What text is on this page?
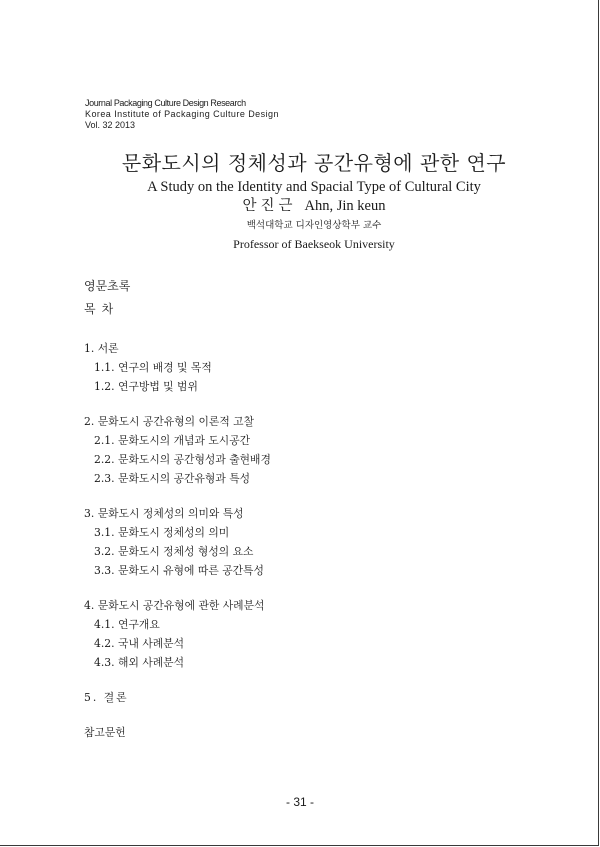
Journal Packaging Culture Design Research
Korea Institute of Packaging Culture Design
Vol. 32 2013
문화도시의 정체성과 공간유형에 관한 연구
A Study on the Identity and Spacial Type of Cultural City
안진근 Ahn, Jin keun
백석대학교 디자인영상학부 교수
Professor of Baekseok University
영문초록
목차
1. 서론
1.1. 연구의 배경 및 목적
1.2. 연구방법 및 범위
2. 문화도시 공간유형의 이론적 고찰
2.1. 문화도시의 개념과 도시공간
2.2. 문화도시의 공간형성과 출현배경
2.3. 문화도시의 공간유형과 특성
3. 문화도시 정체성의 의미와 특성
3.1. 문화도시 정체성의 의미
3.2. 문화도시 정체성 형성의 요소
3.3. 문화도시 유형에 따른 공간특성
4. 문화도시 공간유형에 관한 사례분석
4.1. 연구개요
4.2. 국내 사례분석
4.3. 해외 사례분석
5. 결론
참고문헌
- 31 -
